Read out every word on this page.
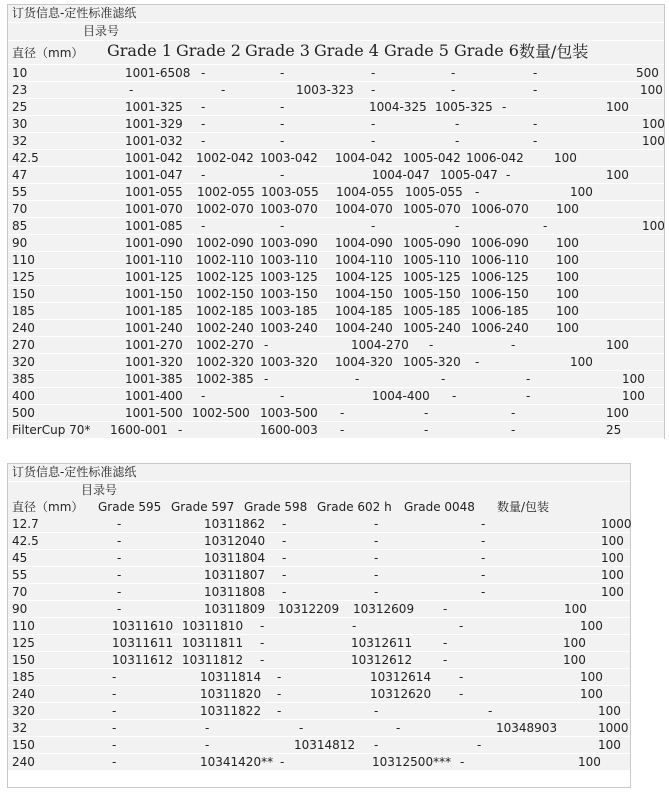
订货信息-定性标准滤纸
目录号
直径（mm） Grade 1 Grade 2 Grade 3 Grade 4 Grade 5 Grade 6 数量/包装
10	1001-6508 -	-	-	-	-	500
23	-	-	1003-323 -	-	-	100
25	1001-325 -	-	1004-325 1005-325 -	100
30	1001-329 -	-	-	-	-	100
32	1001-032 -	-	-	-	-	100
42.5	1001-042 1002-042 1003-042 1004-042 1005-042 1006-042	100
47	1001-047 -	-	1004-047 1005-047 -	100
55	1001-055 1002-055 1003-055 1004-055 1005-055 -	100
70	1001-070 1002-070 1003-070 1004-070 1005-070 1006-070 100
85	1001-085 -	-	-	-	-	100
90	1001-090 1002-090 1003-090 1004-090 1005-090 1006-090 100
110	1001-110 1002-110 1003-110 1004-110 1005-110 1006-110 100
125	1001-125 1002-125 1003-125 1004-125 1005-125 1006-125 100
150	1001-150 1002-150 1003-150 1004-150 1005-150 1006-150 100
185	1001-185 1002-185 1003-185 1004-185 1005-185 1006-185 100
240	1001-240 1002-240 1003-240 1004-240 1005-240 1006-240 100
270	1001-270 1002-270 -	1004-270 -	-	100
320	1001-320 1002-320 1003-320 1004-320 1005-320 -	100
385	1001-385 1002-385 -	-	-	-	100
400	1001-400 -	-	1004-400 -	-	100
500	1001-500 1002-500 1003-500 -	-	-	100
FilterCup 70* 1600-001 -	1600-003 -	-	-	25
订货信息-定性标准滤纸
目录号
直径（mm） Grade 595 Grade 597 Grade 598 Grade 602 h Grade 0048 数量/包装
12.7	-	10311862 -	-	-	1000
42.5	-	10312040 -	-	-	100
45	-	10311804 -	-	-	100
55	-	10311807 -	-	-	100
70	-	10311808 -	-	-	100
90	-	10311809 10312209 10312609 -	100
110	10311610 10311810 -	-	-	100
125	10311611 10311811 -	10312611	-	100
150	10311612 10311812 -	10312612	-	100
185	-	10311814 -	10312614 -	100
240	-	10311820 -	10312620 -	100
320	-	10311822 -	-	-	100
32	-	-	-	-	10348903	1000
150	-	-	10314812 -	-	100
240	-	10341420** -	10312500*** -	100
